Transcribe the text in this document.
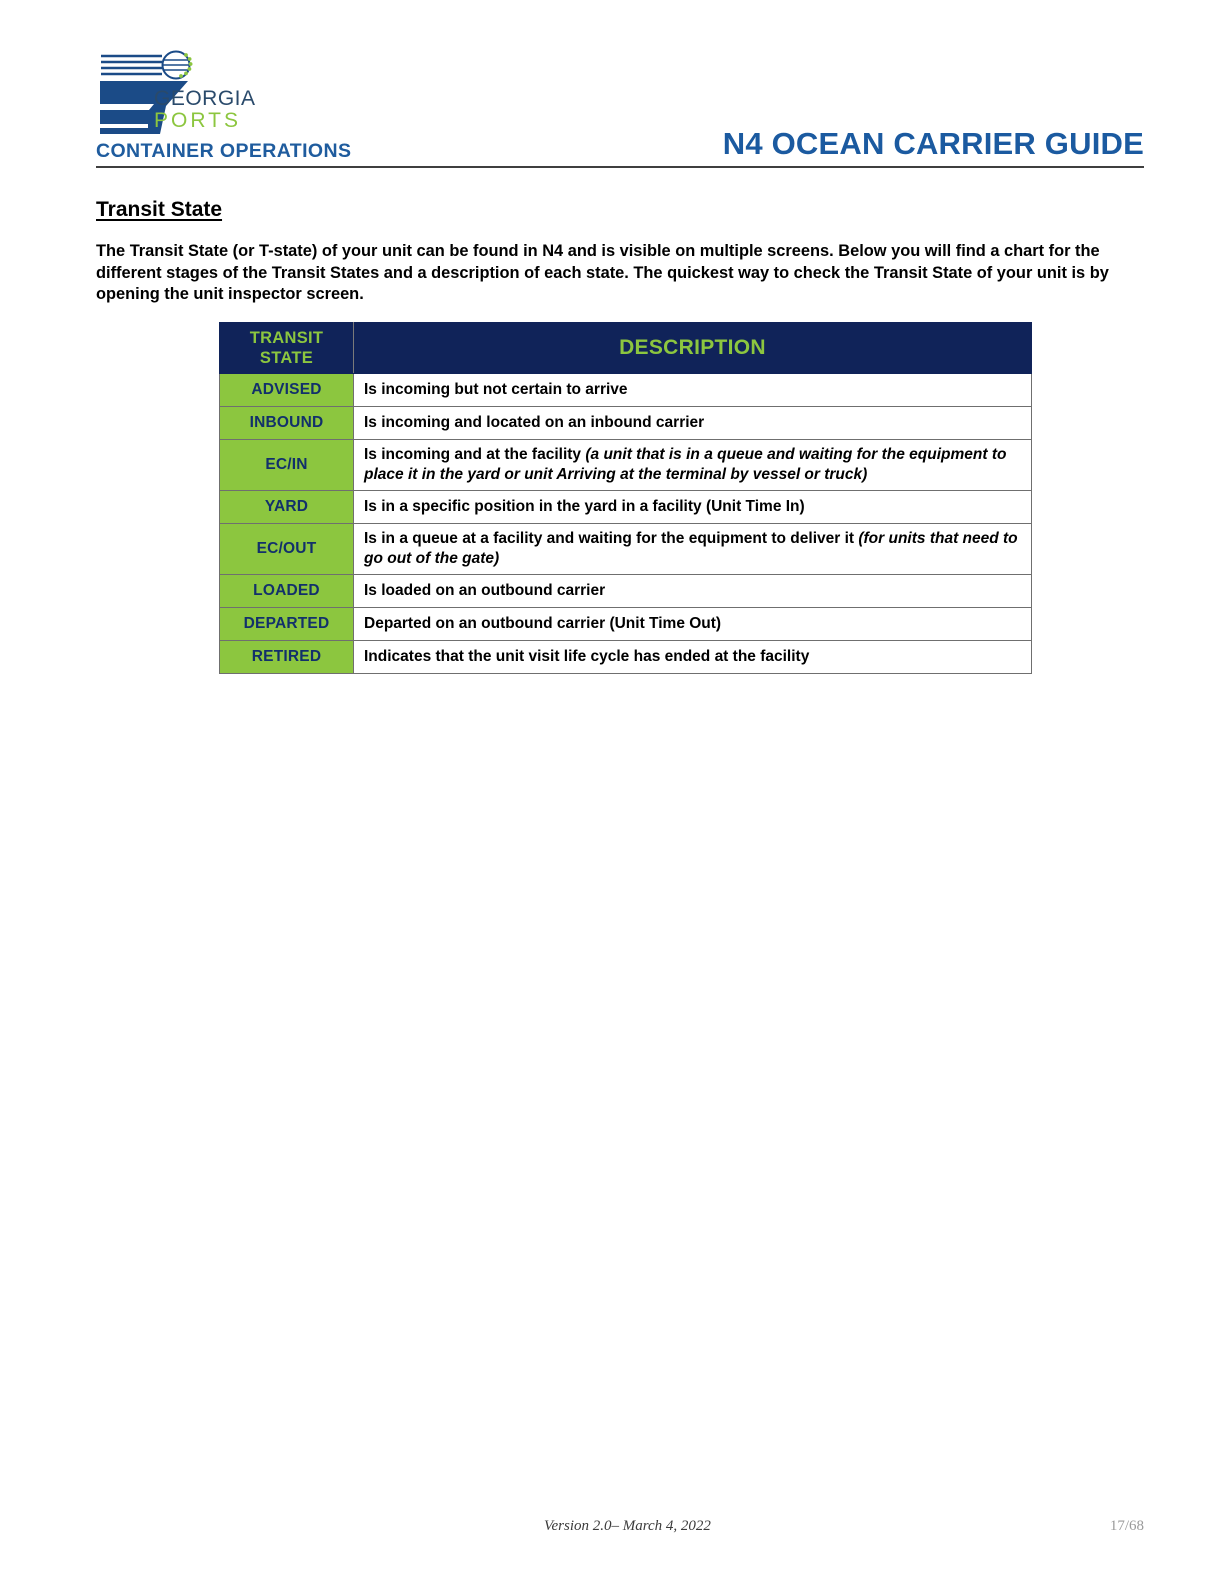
GEORGIA
PORTS
CONTAINER OPERATIONS	N4 OCEAN CARRIER GUIDE
Transit State
The Transit State (or T-state) of your unit can be found in N4 and is visible on multiple screens. Below you will find a chart for the different stages of the Transit States and a description of each state. The quickest way to check the Transit State of your unit is by opening the unit inspector screen.
TRANSIT
STATE	DESCRIPTION
ADVISED	Is incoming but not certain to arrive
INBOUND	Is incoming and located on an inbound carrier
EC/IN	Is incoming and at the facility (a unit that is in a queue and waiting for the equipment to place it in the yard or unit Arriving at the terminal by vessel or truck)
YARD	Is in a specific position in the yard in a facility (Unit Time In)
EC/OUT	Is in a queue at a facility and waiting for the equipment to deliver it (for units that need to go out of the gate)
LOADED	Is loaded on an outbound carrier
DEPARTED	Departed on an outbound carrier (Unit Time Out)
RETIRED	Indicates that the unit visit life cycle has ended at the facility
Version 2.0– March 4, 2022	17/68
